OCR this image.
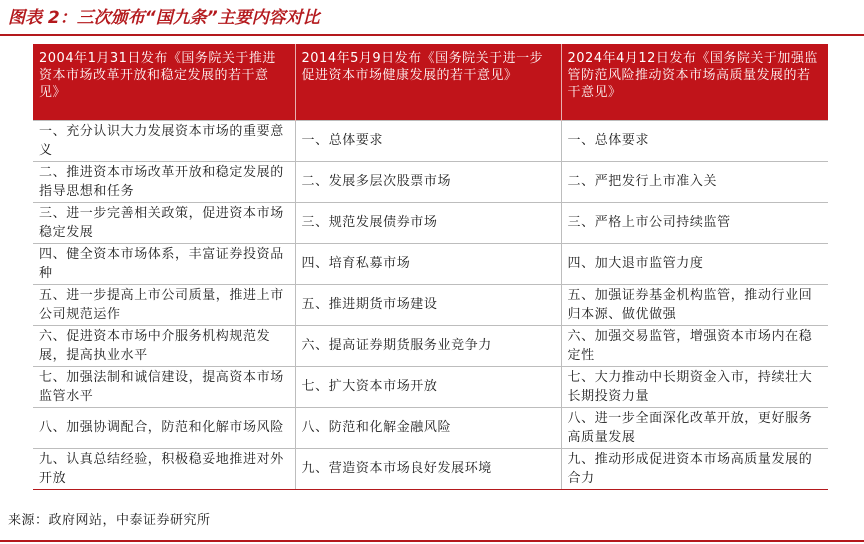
图表 2：三次颁布“国九条”主要内容对比
2004年1月31日发布《国务院关于推进资本市场改革开放和稳定发展的若干意见》	2014年5月9日发布《国务院关于进一步促进资本市场健康发展的若干意见》	2024年4月12日发布《国务院关于加强监管防范风险推动资本市场高质量发展的若干意见》
一、充分认识大力发展资本市场的重要意义	一、总体要求	一、总体要求
二、推进资本市场改革开放和稳定发展的指导思想和任务	二、发展多层次股票市场	二、严把发行上市准入关
三、进一步完善相关政策，促进资本市场稳定发展	三、规范发展债券市场	三、严格上市公司持续监管
四、健全资本市场体系，丰富证券投资品种	四、培育私募市场	四、加大退市监管力度
五、进一步提高上市公司质量，推进上市公司规范运作	五、推进期货市场建设	五、加强证券基金机构监管，推动行业回归本源、做优做强
六、促进资本市场中介服务机构规范发展，提高执业水平	六、提高证券期货服务业竞争力	六、加强交易监管，增强资本市场内在稳定性
七、加强法制和诚信建设，提高资本市场监管水平	七、扩大资本市场开放	七、大力推动中长期资金入市，持续壮大长期投资力量
八、加强协调配合，防范和化解市场风险	八、防范和化解金融风险	八、进一步全面深化改革开放，更好服务高质量发展
九、认真总结经验，积极稳妥地推进对外开放	九、营造资本市场良好发展环境	九、推动形成促进资本市场高质量发展的合力
来源：政府网站，中泰证券研究所
